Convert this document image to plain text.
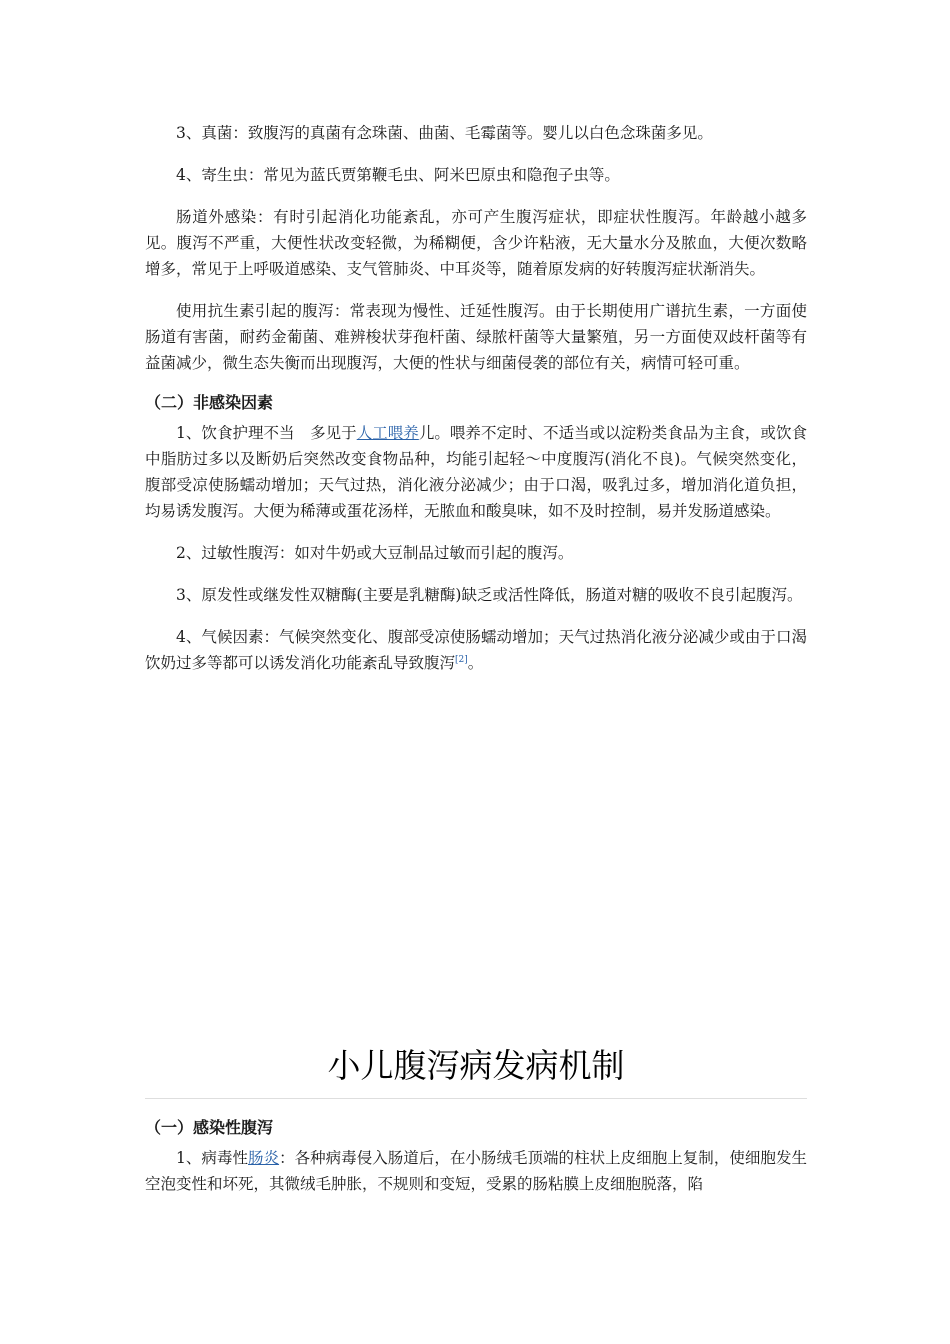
3、真菌：致腹泻的真菌有念珠菌、曲菌、毛霉菌等。婴儿以白色念珠菌多见。

4、寄生虫：常见为蓝氏贾第鞭毛虫、阿米巴原虫和隐孢子虫等。

肠道外感染：有时引起消化功能紊乱，亦可产生腹泻症状，即症状性腹泻。年龄越小越多见。腹泻不严重，大便性状改变轻微，为稀糊便，含少许粘液，无大量水分及脓血，大便次数略增多，常见于上呼吸道感染、支气管肺炎、中耳炎等，随着原发病的好转腹泻症状渐消失。

使用抗生素引起的腹泻：常表现为慢性、迁延性腹泻。由于长期使用广谱抗生素，一方面使肠道有害菌，耐药金葡菌、难辨梭状芽孢杆菌、绿脓杆菌等大量繁殖，另一方面使双歧杆菌等有益菌减少，微生态失衡而出现腹泻，大便的性状与细菌侵袭的部位有关，病情可轻可重。

（二）非感染因素

1、饮食护理不当　多见于人工喂养儿。喂养不定时、不适当或以淀粉类食品为主食，或饮食中脂肪过多以及断奶后突然改变食物品种，均能引起轻～中度腹泻(消化不良)。气候突然变化，腹部受凉使肠蠕动增加；天气过热，消化液分泌减少；由于口渴，吸乳过多，增加消化道负担，均易诱发腹泻。大便为稀薄或蛋花汤样，无脓血和酸臭味，如不及时控制，易并发肠道感染。

2、过敏性腹泻：如对牛奶或大豆制品过敏而引起的腹泻。

3、原发性或继发性双糖酶(主要是乳糖酶)缺乏或活性降低，肠道对糖的吸收不良引起腹泻。

4、气候因素：气候突然变化、腹部受凉使肠蠕动增加；天气过热消化液分泌减少或由于口渴饮奶过多等都可以诱发消化功能紊乱导致腹泻[2]。

小儿腹泻病发病机制
（一）感染性腹泻

1、病毒性肠炎：各种病毒侵入肠道后，在小肠绒毛顶端的柱状上皮细胞上复制，使细胞发生空泡变性和坏死，其微绒毛肿胀，不规则和变短，受累的肠粘膜上皮细胞脱落，陷
